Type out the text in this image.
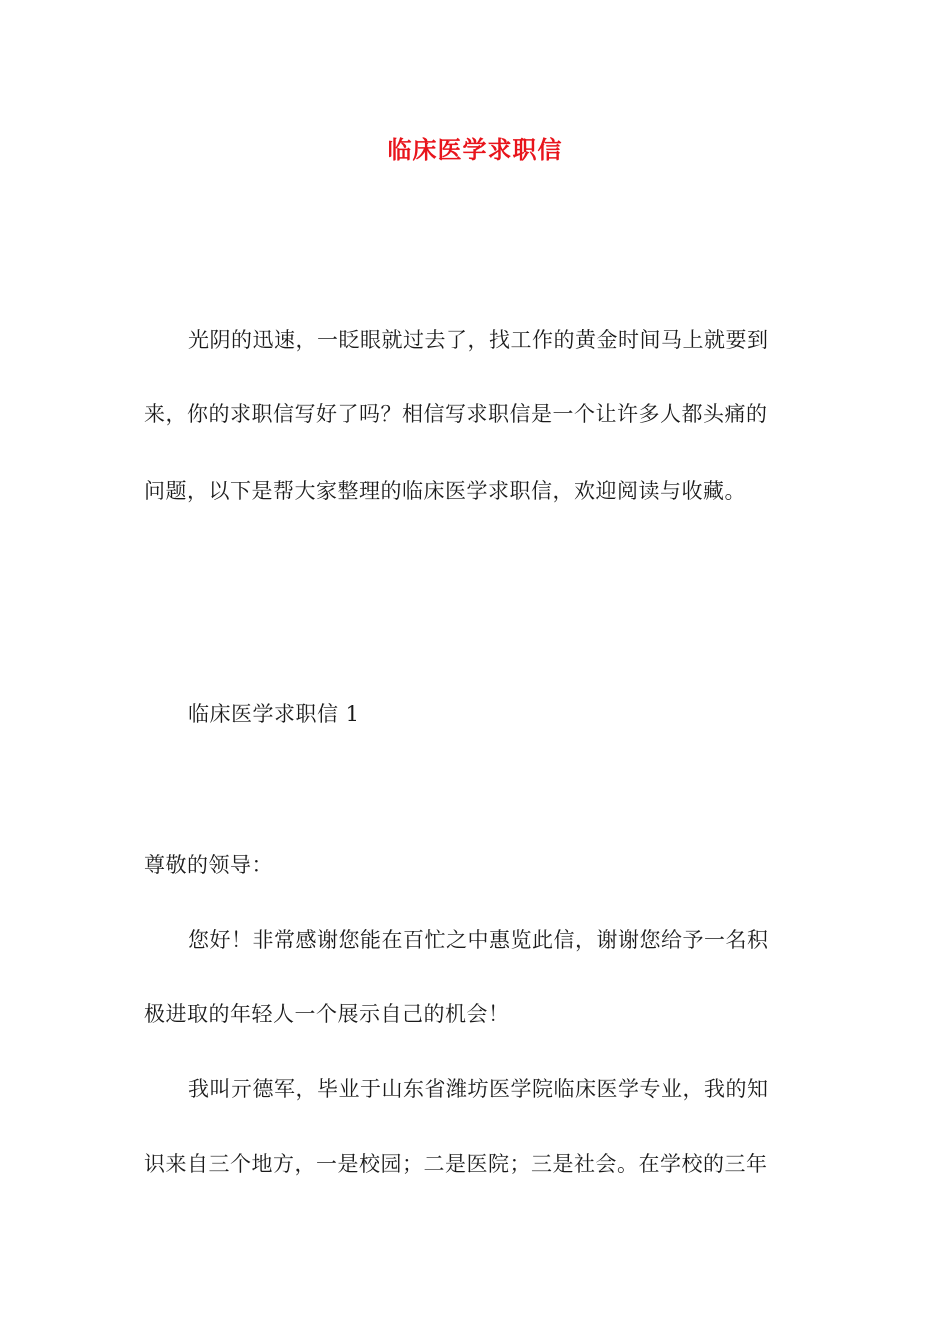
临床医学求职信
光阴的迅速，一眨眼就过去了，找工作的黄金时间马上就要到
来，你的求职信写好了吗？相信写求职信是一个让许多人都头痛的
问题，以下是帮大家整理的临床医学求职信，欢迎阅读与收藏。
临床医学求职信 1
尊敬的领导：
您好！非常感谢您能在百忙之中惠览此信，谢谢您给予一名积
极进取的年轻人一个展示自己的机会！
我叫亓德军，毕业于山东省潍坊医学院临床医学专业，我的知
识来自三个地方，一是校园；二是医院；三是社会。在学校的三年
